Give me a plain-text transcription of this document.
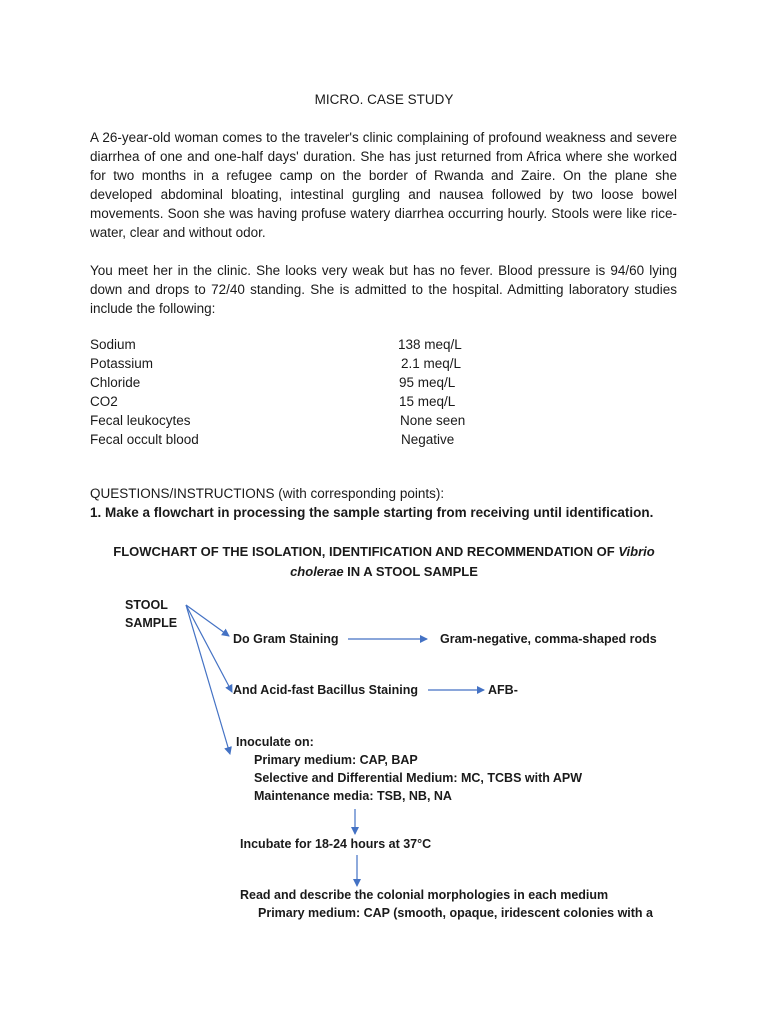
MICRO. CASE STUDY

A 26-year-old woman comes to the traveler's clinic complaining of profound weakness and severe diarrhea of one and one-half days' duration. She has just returned from Africa where she worked for two months in a refugee camp on the border of Rwanda and Zaire. On the plane she developed abdominal bloating, intestinal gurgling and nausea followed by two loose bowel movements. Soon she was having profuse watery diarrhea occurring hourly. Stools were like rice-water, clear and without odor.

You meet her in the clinic. She looks very weak but has no fever. Blood pressure is 94/60 lying down and drops to 72/40 standing. She is admitted to the hospital. Admitting laboratory studies include the following:

Sodium	138 meq/L
Potassium	2.1 meq/L
Chloride	95 meq/L
CO2	15 meq/L
Fecal leukocytes	None seen
Fecal occult blood	Negative
QUESTIONS/INSTRUCTIONS (with corresponding points):
1. Make a flowchart in processing the sample starting from receiving until identification.
FLOWCHART OF THE ISOLATION, IDENTIFICATION AND RECOMMENDATION OF Vibrio
cholerae IN A STOOL SAMPLE
STOOL
SAMPLE
Do Gram Staining	Gram-negative, comma-shaped rods
And Acid-fast Bacillus Staining	AFB-
Inoculate on:
Primary medium: CAP, BAP
Selective and Differential Medium: MC, TCBS with APW
Maintenance media: TSB, NB, NA
Incubate for 18-24 hours at 37°C
Read and describe the colonial morphologies in each medium
Primary medium: CAP (smooth, opaque, iridescent colonies with a
